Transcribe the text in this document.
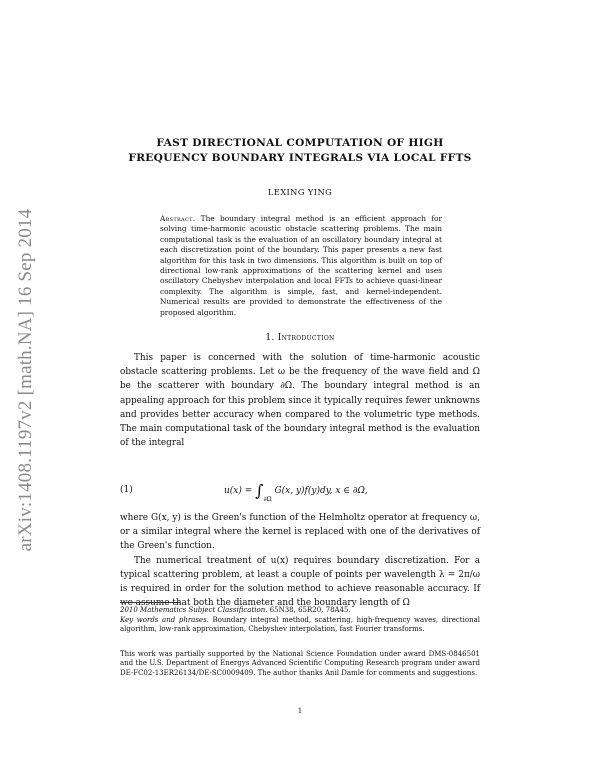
arXiv:1408.1197v2 [math.NA] 16 Sep 2014
FAST DIRECTIONAL COMPUTATION OF HIGH
FREQUENCY BOUNDARY INTEGRALS VIA LOCAL FFTS
LEXING YING
Abstract. The boundary integral method is an efficient approach for solving time-harmonic acoustic obstacle scattering problems. The main computational task is the evaluation of an oscillatory boundary integral at each discretization point of the boundary. This paper presents a new fast algorithm for this task in two dimensions. This algorithm is built on top of directional low-rank approximations of the scattering kernel and uses oscillatory Chebyshev interpolation and local FFTs to achieve quasi-linear complexity. The algorithm is simple, fast, and kernel-independent. Numerical results are provided to demonstrate the effectiveness of the proposed algorithm.
1. Introduction

This paper is concerned with the solution of time-harmonic acoustic obstacle scattering problems. Let ω be the frequency of the wave field and Ω be the scatterer with boundary ∂Ω. The boundary integral method is an appealing approach for this problem since it typically requires fewer unknowns and provides better accuracy when compared to the volumetric type methods. The main computational task of the boundary integral method is the evaluation of the integral

(1)	$u(x) = \int_{\partial\Omega}$ G(x, y)f(y)dy, x ∈ ∂Ω,

where G(x, y) is the Green's function of the Helmholtz operator at frequency ω, or a similar integral where the kernel is replaced with one of the derivatives of the Green's function.

The numerical treatment of u(x) requires boundary discretization. For a typical scattering problem, at least a couple of points per wavelength λ = 2π/ω is required in order for the solution method to achieve reasonable accuracy. If we assume that both the diameter and the boundary length of Ω

2010 Mathematics Subject Classification. 65N38, 65R20, 78A45.
Key words and phrases. Boundary integral method, scattering, high-frequency waves, directional algorithm, low-rank approximation, Chebyshev interpolation, fast Fourier transforms.
This work was partially supported by the National Science Foundation under award DMS-0846501 and the U.S. Department of Energys Advanced Scientific Computing Research program under award DE-FC02-13ER26134/DE-SC0009409. The author thanks Anil Damle for comments and suggestions.
1
